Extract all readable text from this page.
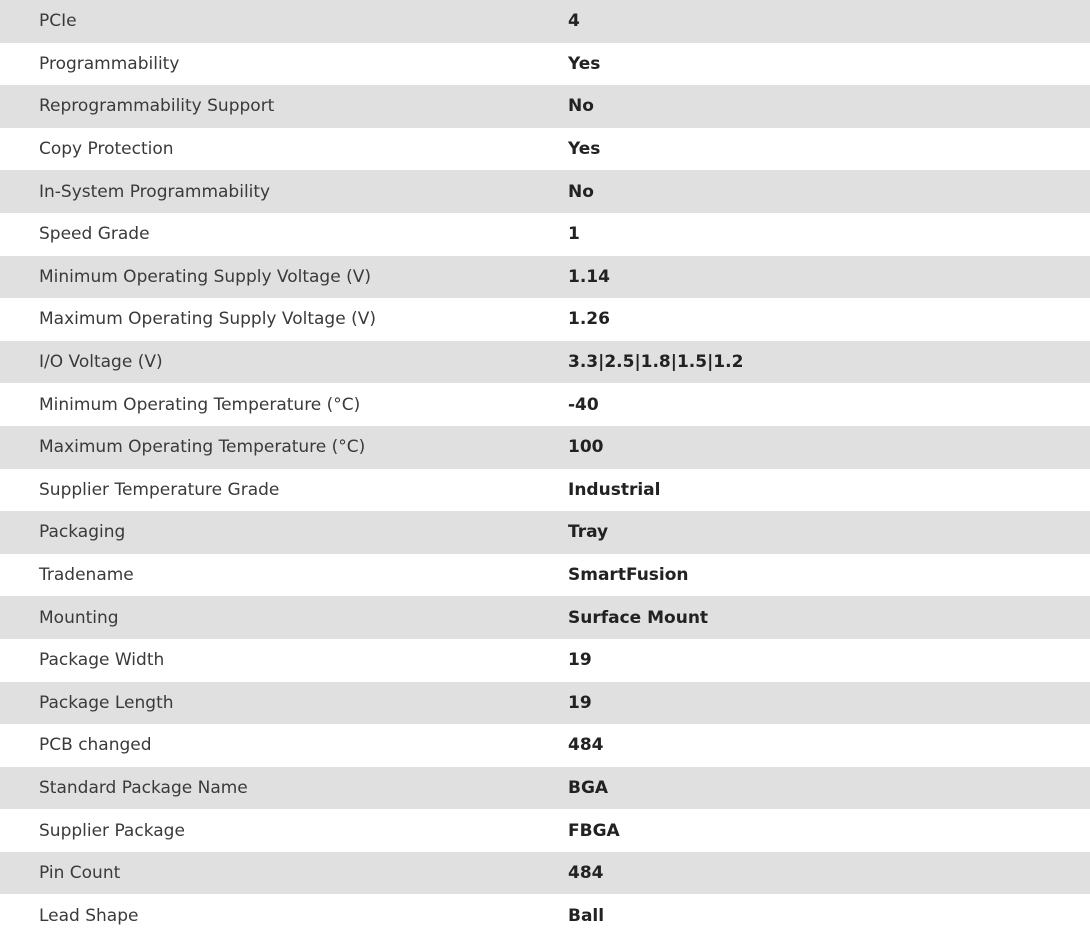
PCIe	4
Programmability	Yes
Reprogrammability Support	No
Copy Protection	Yes
In-System Programmability	No
Speed Grade	1
Minimum Operating Supply Voltage (V)	1.14
Maximum Operating Supply Voltage (V)	1.26
I/O Voltage (V)	3.3|2.5|1.8|1.5|1.2
Minimum Operating Temperature (°C)	-40
Maximum Operating Temperature (°C)	100
Supplier Temperature Grade	Industrial
Packaging	Tray
Tradename	SmartFusion
Mounting	Surface Mount
Package Width	19
Package Length	19
PCB changed	484
Standard Package Name	BGA
Supplier Package	FBGA
Pin Count	484
Lead Shape	Ball
